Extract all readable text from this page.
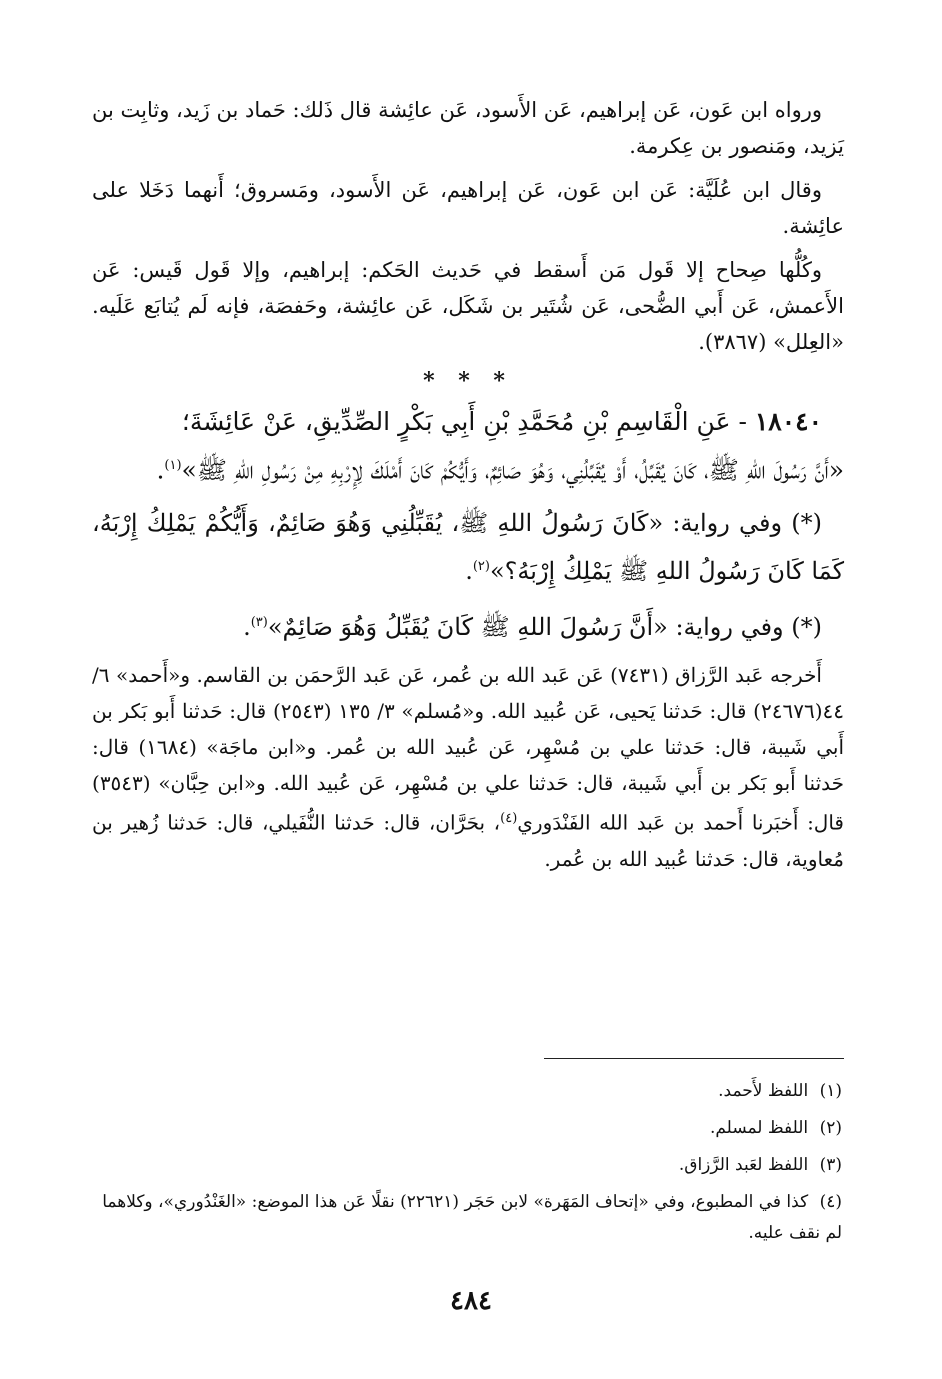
ورواه ابن عَون، عَن إبراهيم، عَن الأَسود، عَن عائِشة قال ذَلك: حَماد بن زَيد، وثابِت بن يَزيد، ومَنصور بن عِكرمة.

وقال ابن عُلَيَّة: عَن ابن عَون، عَن إبراهيم، عَن الأَسود، ومَسروق؛ أَنهما دَخَلا على عائِشة.

وكُلُّها صِحاح إلا قَول مَن أَسقط في حَديث الحَكم: إبراهيم، وإلا قَول قَيس: عَن الأَعمش، عَن أَبي الضُّحى، عَن شُتَير بن شَكَل، عَن عائِشة، وحَفصَة، فإنه لَم يُتابَع عَلَيه. «العِلل» (٣٨٦٧).

* * *

١٨٠٤٠ - عَنِ الْقَاسِمِ بْنِ مُحَمَّدِ بْنِ أَبِي بَكْرٍ الصِّدِّيقِ، عَنْ عَائِشَةَ؛
«أَنَّ رَسُولَ اللهِ ﷺ، كَانَ يُقَبِّلُ، أَوْ يُقَبِّلُنِي، وَهُوَ صَائِمٌ، وَأَيُّكُمْ كَانَ أَمْلَكَ لِإِرْبِهِ مِنْ رَسُولِ اللهِ ﷺ»$^{(١)}$.

(*) وفي رواية: «كَانَ رَسُولُ اللهِ ﷺ، يُقَبِّلُنِي وَهُوَ صَائِمٌ، وَأَيُّكُمْ يَمْلِكُ إِرْبَهُ، كَمَا كَانَ رَسُولُ اللهِ ﷺ يَمْلِكُ إِرْبَهُ؟»$^{(٢)}$.

(*) وفي رواية: «أَنَّ رَسُولَ اللهِ ﷺ كَانَ يُقَبِّلُ وَهُوَ صَائِمٌ»$^{(٣)}$.

أَخرجه عَبد الرَّزاق (٧٤٣١) عَن عَبد الله بن عُمر، عَن عَبد الرَّحمَن بن القاسم. و«أَحمد» ٦/ ٤٤(٢٤٦٧٦) قال: حَدثنا يَحيى، عَن عُبيد الله. و«مُسلم» ٣/ ١٣٥ (٢٥٤٣) قال: حَدثنا أَبو بَكر بن أَبي شَيبة، قال: حَدثنا علي بن مُسْهِر، عَن عُبيد الله بن عُمر. و«ابن ماجَة» (١٦٨٤) قال: حَدثنا أَبو بَكر بن أَبي شَيبة، قال: حَدثنا علي بن مُسْهِر، عَن عُبيد الله. و«ابن حِبَّان» (٣٥٤٣) قال: أَخبَرنا أَحمد بن عَبد الله الفَنْدَوري$^{(٤)}$، بحَرَّان، قال: حَدثنا النُّفَيلي، قال: حَدثنا زُهير بن مُعاوية، قال: حَدثنا عُبيد الله بن عُمر.

(١) اللفظ لأَحمد.

(٢) اللفظ لمسلم.

(٣) اللفظ لعَبد الرَّزاق.

(٤) كذا في المطبوع، وفي «إتحاف المَهَرة» لابن حَجَر (٢٢٦٢١) نقلًا عَن هذا الموضع: «الغَنْدُوري»، وكلاهما لم نقف عليه.

٤٨٤
